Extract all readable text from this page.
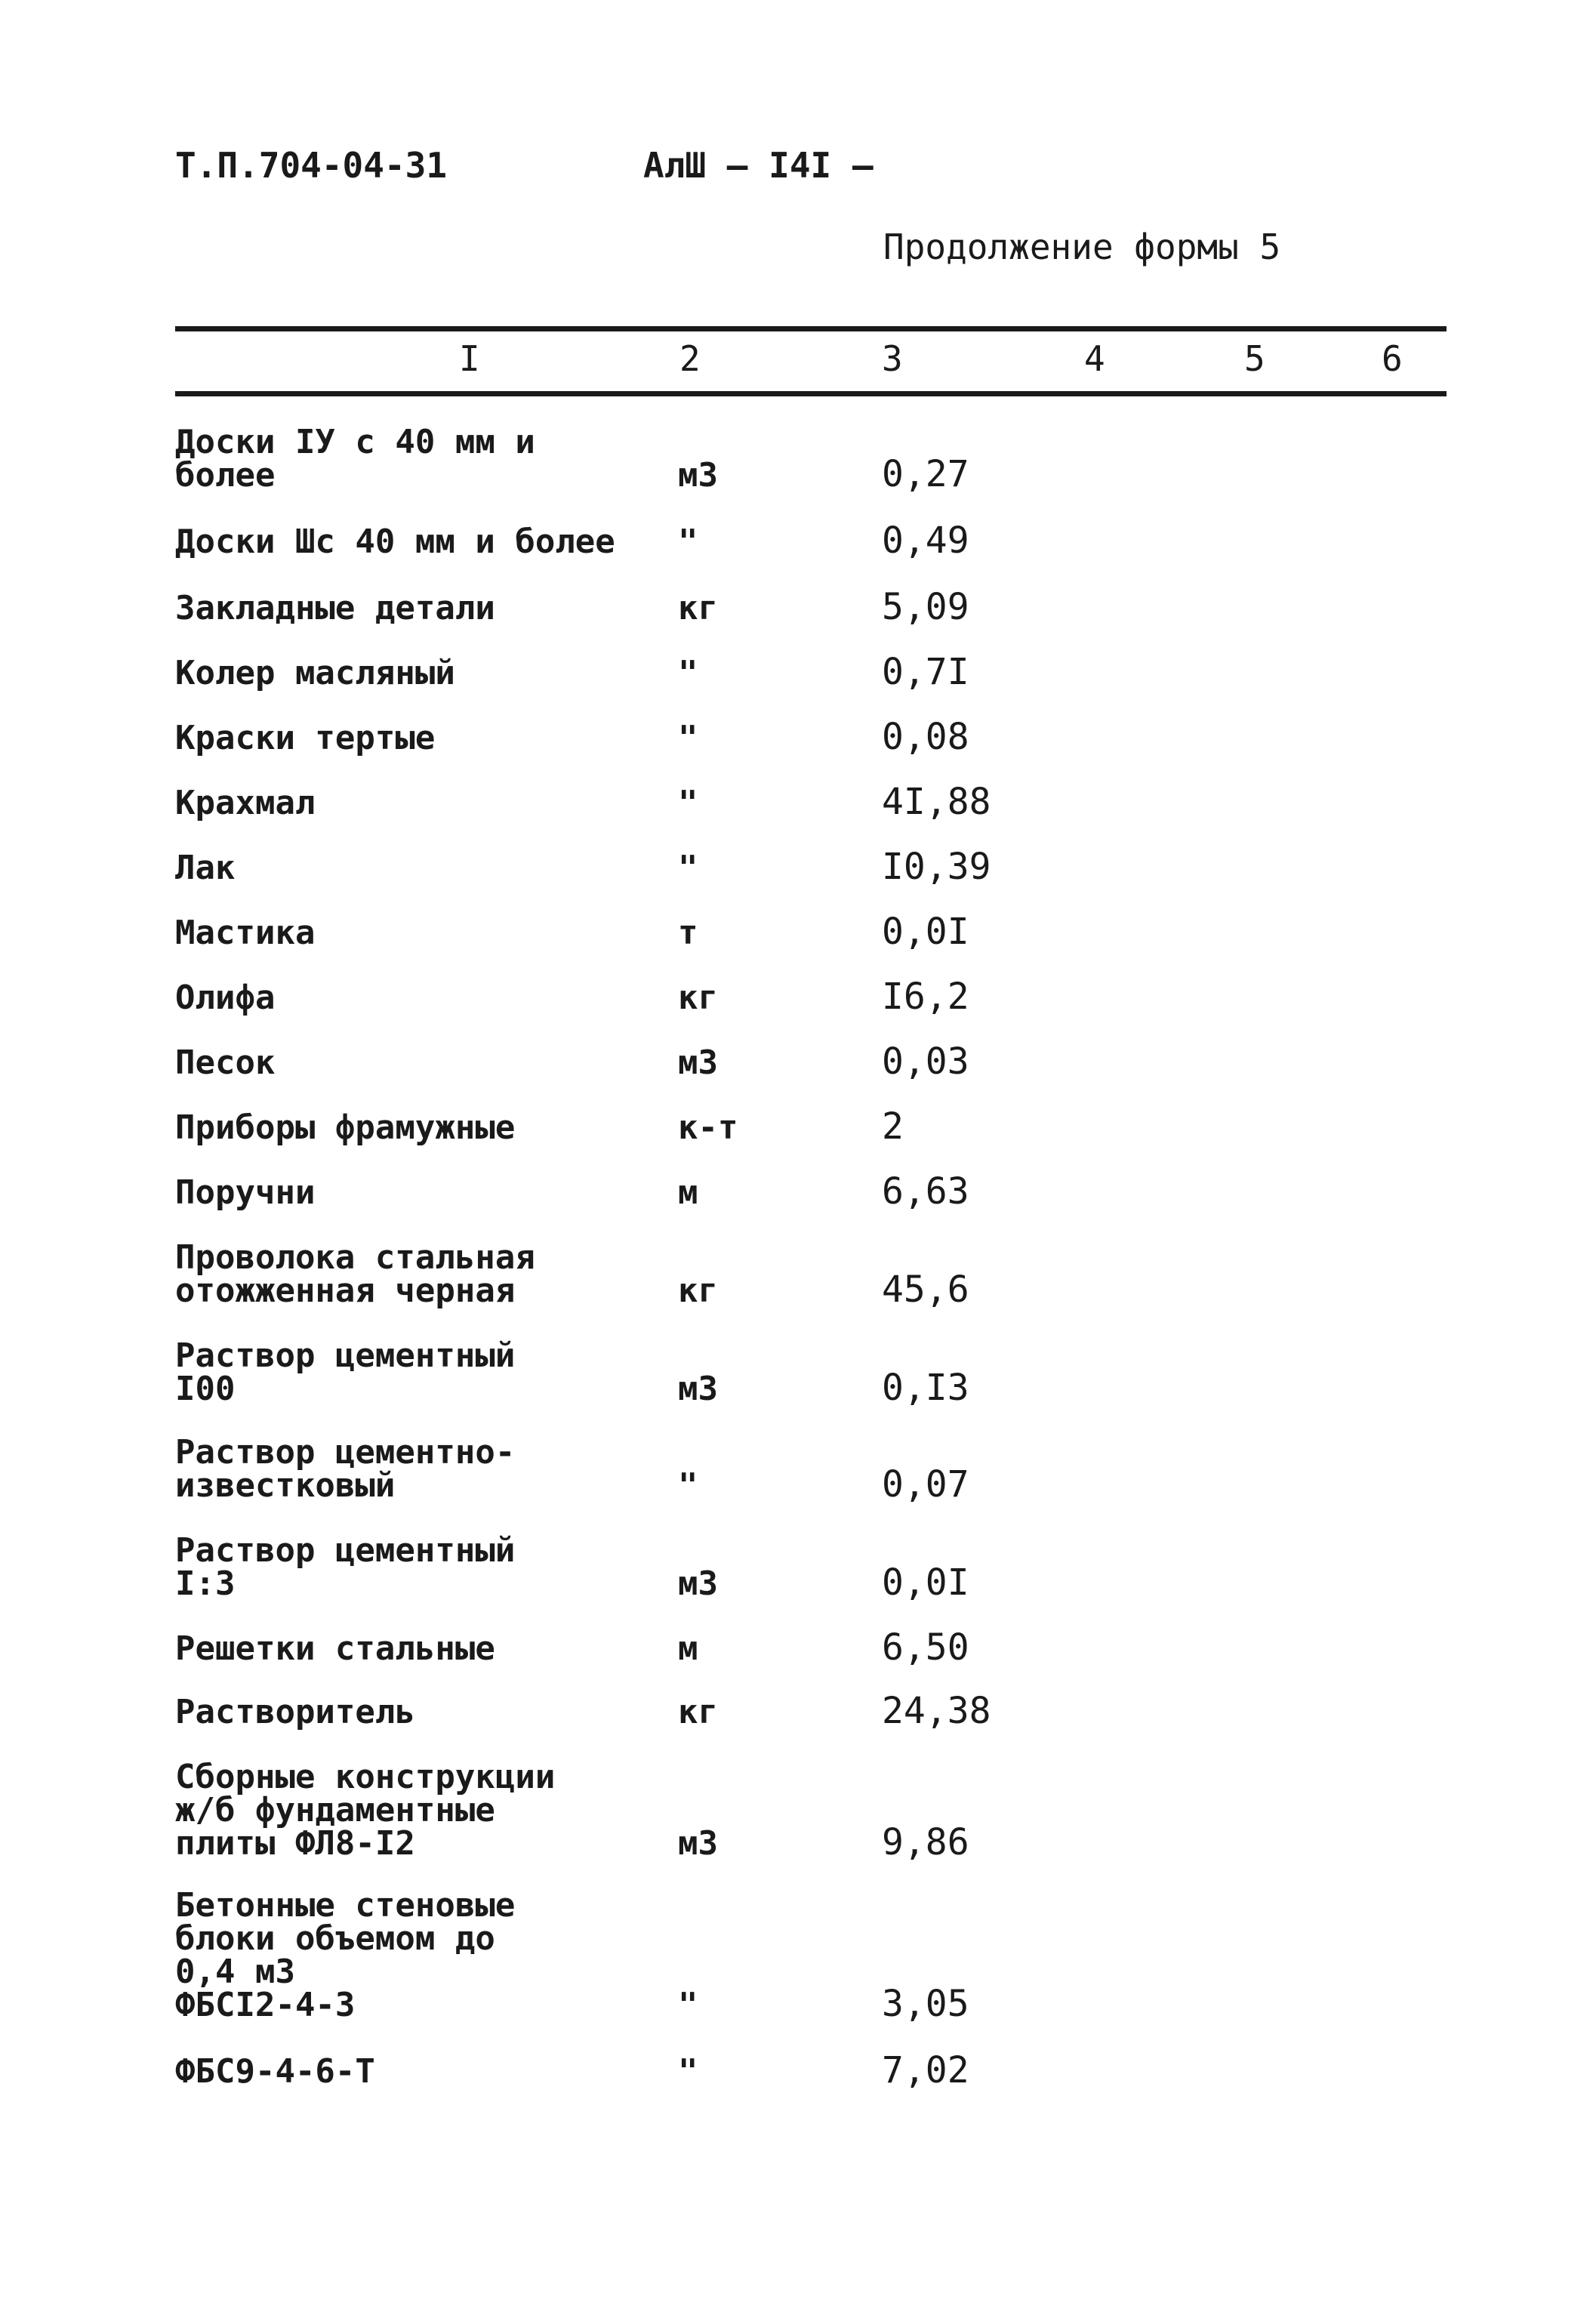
Т.П.704-04-31	АлШ — I4I —
Продолжение формы 5
I	2	3	4	5	6
Доски IУ с 40 мм и
более	м3	0,27
Доски Шс 40 мм и более	"	0,49
Закладные детали	кг	5,09
Колер масляный	"	0,7I
Краски тертые	"	0,08
Крахмал	"	4I,88
Лак	"	I0,39
Мастика	т	0,0I
Олифа	кг	I6,2
Песок	м3	0,03
Приборы фрамужные	к-т	2
Поручни	м	6,63
Проволока стальная
отожженная черная	кг	45,6
Раствор цементный
I00	м3	0,I3
Раствор цементно-
известковый	"	0,07
Раствор цементный
I:3	м3	0,0I
Решетки стальные	м	6,50
Растворитель	кг	24,38
Сборные конструкции
ж/б фундаментные
плиты ФЛ8-I2	м3	9,86
Бетонные стеновые
блоки объемом до
0,4 м3
ФБСI2-4-3	"	3,05
ФБС9-4-6-Т	"	7,02
